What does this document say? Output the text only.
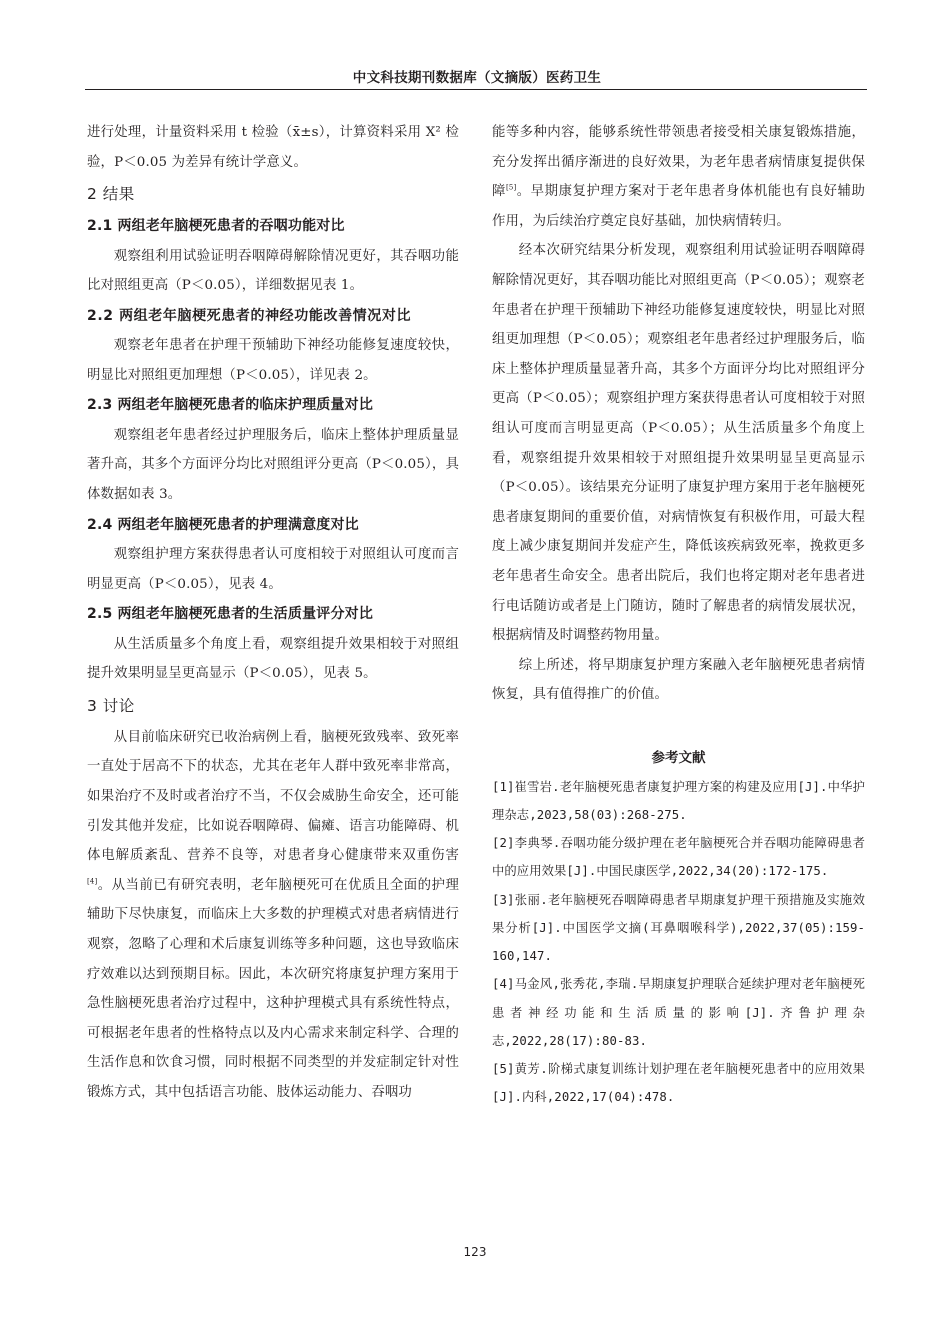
中文科技期刊数据库（文摘版）医药卫生

进行处理，计量资料采用 t 检验（x̄±s），计算资料采用 X² 检验，P＜0.05 为差异有统计学意义。

2 结果
2.1 两组老年脑梗死患者的吞咽功能对比

观察组利用试验证明吞咽障碍解除情况更好，其吞咽功能比对照组更高（P＜0.05），详细数据见表 1。

2.2 两组老年脑梗死患者的神经功能改善情况对比

观察老年患者在护理干预辅助下神经功能修复速度较快，明显比对照组更加理想（P＜0.05），详见表 2。

2.3 两组老年脑梗死患者的临床护理质量对比

观察组老年患者经过护理服务后，临床上整体护理质量显著升高，其多个方面评分均比对照组评分更高（P＜0.05），具体数据如表 3。

2.4 两组老年脑梗死患者的护理满意度对比

观察组护理方案获得患者认可度相较于对照组认可度而言明显更高（P＜0.05），见表 4。

2.5 两组老年脑梗死患者的生活质量评分对比

从生活质量多个角度上看，观察组提升效果相较于对照组提升效果明显呈更高显示（P＜0.05），见表 5。

3 讨论

从目前临床研究已收治病例上看，脑梗死致残率、致死率一直处于居高不下的状态，尤其在老年人群中致死率非常高，如果治疗不及时或者治疗不当，不仅会威胁生命安全，还可能引发其他并发症，比如说吞咽障碍、偏瘫、语言功能障碍、机体电解质紊乱、营养不良等，对患者身心健康带来双重伤害[4]。从当前已有研究表明，老年脑梗死可在优质且全面的护理辅助下尽快康复，而临床上大多数的护理模式对患者病情进行观察，忽略了心理和术后康复训练等多种问题，这也导致临床疗效难以达到预期目标。因此，本次研究将康复护理方案用于急性脑梗死患者治疗过程中，这种护理模式具有系统性特点，可根据老年患者的性格特点以及内心需求来制定科学、合理的生活作息和饮食习惯，同时根据不同类型的并发症制定针对性锻炼方式，其中包括语言功能、肢体运动能力、吞咽功

能等多种内容，能够系统性带领患者接受相关康复锻炼措施，充分发挥出循序渐进的良好效果，为老年患者病情康复提供保障[5]。早期康复护理方案对于老年患者身体机能也有良好辅助作用，为后续治疗奠定良好基础，加快病情转归。

经本次研究结果分析发现，观察组利用试验证明吞咽障碍解除情况更好，其吞咽功能比对照组更高（P＜0.05）；观察老年患者在护理干预辅助下神经功能修复速度较快，明显比对照组更加理想（P＜0.05）；观察组老年患者经过护理服务后，临床上整体护理质量显著升高，其多个方面评分均比对照组评分更高（P＜0.05）；观察组护理方案获得患者认可度相较于对照组认可度而言明显更高（P＜0.05）；从生活质量多个角度上看，观察组提升效果相较于对照组提升效果明显呈更高显示（P＜0.05）。该结果充分证明了康复护理方案用于老年脑梗死患者康复期间的重要价值，对病情恢复有积极作用，可最大程度上减少康复期间并发症产生，降低该疾病致死率，挽救更多老年患者生命安全。患者出院后，我们也将定期对老年患者进行电话随访或者是上门随访，随时了解患者的病情发展状况，根据病情及时调整药物用量。

综上所述，将早期康复护理方案融入老年脑梗死患者病情恢复，具有值得推广的价值。

参考文献

[1]崔雪岩.老年脑梗死患者康复护理方案的构建及应用[J].中华护理杂志,2023,58(03):268-275.

[2]李典琴.吞咽功能分级护理在老年脑梗死合并吞咽功能障碍患者中的应用效果[J].中国民康医学,2022,34(20):172-175.

[3]张丽.老年脑梗死吞咽障碍患者早期康复护理干预措施及实施效果分析[J].中国医学文摘(耳鼻咽喉科学),2022,37(05):159-160,147.

[4]马金风,张秀花,李瑞.早期康复护理联合延续护理对老年脑梗死患者神经功能和生活质量的影响[J].齐鲁护理杂志,2022,28(17):80-83.

[5]黄芳.阶梯式康复训练计划护理在老年脑梗死患者中的应用效果[J].内科,2022,17(04):478.

123
